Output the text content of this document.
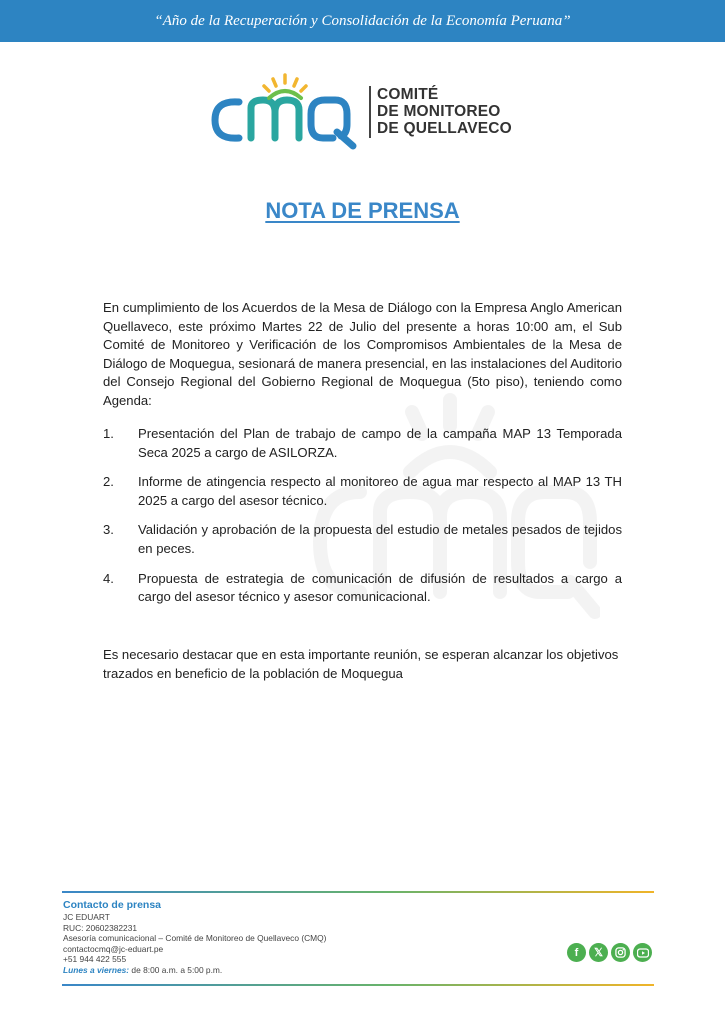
“Año de la Recuperación y Consolidación de la Economía Peruana”
COMITÉ
DE MONITOREO
DE QUELLAVECO
NOTA DE PRENSA
En cumplimiento de los Acuerdos de la Mesa de Diálogo con la Empresa Anglo American Quellaveco, este próximo Martes 22 de Julio del presente a horas 10:00 am, el Sub Comité de Monitoreo y Verificación de los Compromisos Ambientales de la Mesa de Diálogo de Moquegua, sesionará de manera presencial, en las instalaciones del Auditorio del Consejo Regional del Gobierno Regional de Moquegua (5to piso), teniendo como Agenda:
1. Presentación del Plan de trabajo de campo de la campaña MAP 13 Temporada Seca 2025 a cargo de ASILORZA.
2. Informe de atingencia respecto al monitoreo de agua mar respecto al MAP 13 TH 2025 a cargo del asesor técnico.
3. Validación y aprobación de la propuesta del estudio de metales pesados de tejidos en peces.
4. Propuesta de estrategia de comunicación de difusión de resultados a cargo a cargo del asesor técnico y asesor comunicacional.
Es necesario destacar que en esta importante reunión, se esperan alcanzar los objetivos trazados en beneficio de la población de Moquegua
Contacto de prensa
JC EDUART
RUC: 20602382231
Asesoría comunicacional – Comité de Monitoreo de Quellaveco (CMQ)
contactocmq@jc-eduart.pe
+51 944 422 555
Lunes a viernes: de 8:00 a.m. a 5:00 p.m.
f 𝕏
